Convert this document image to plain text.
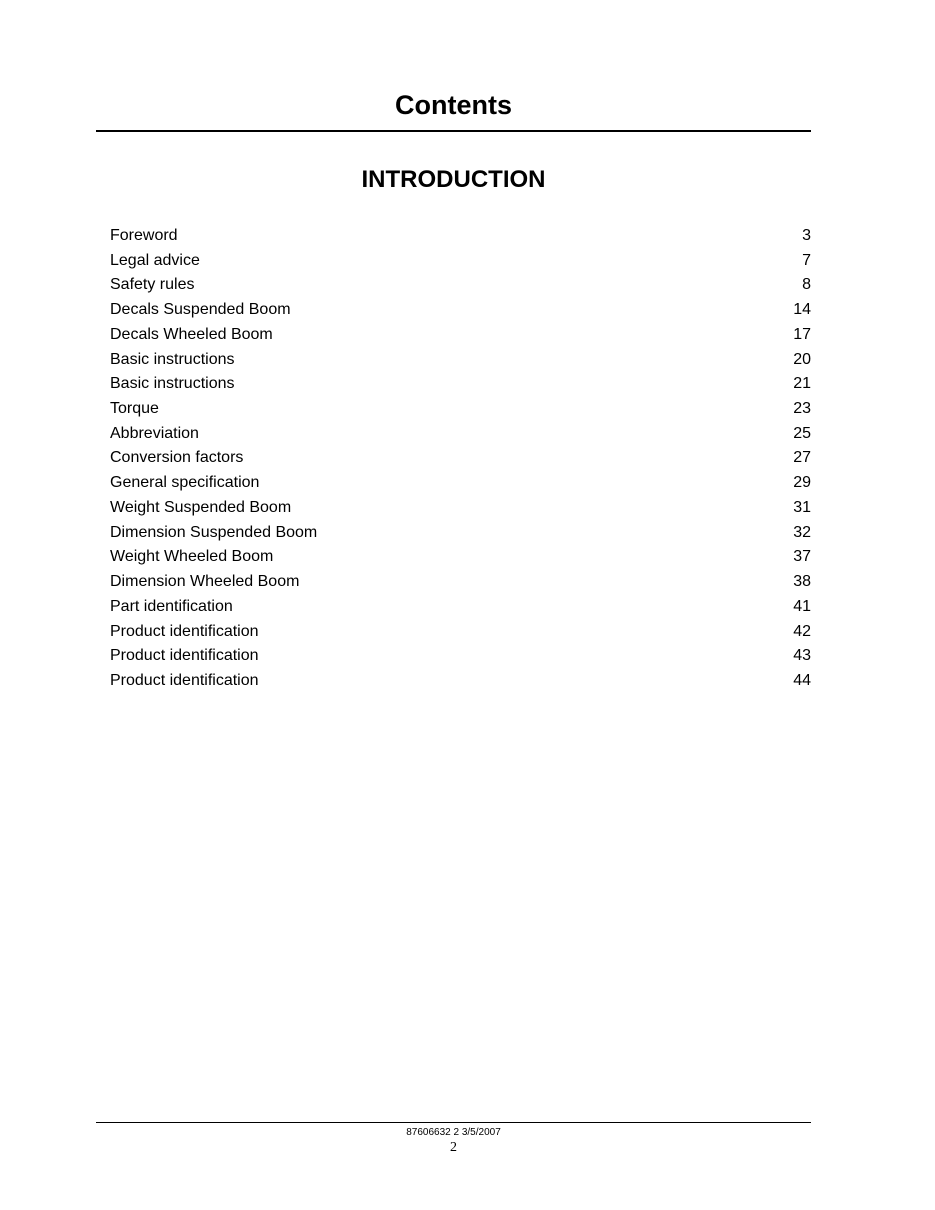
Contents
INTRODUCTION
Foreword	3
Legal advice	7
Safety rules	8
Decals Suspended Boom	14
Decals Wheeled Boom	17
Basic instructions	20
Basic instructions	21
Torque	23
Abbreviation	25
Conversion factors	27
General specification	29
Weight Suspended Boom	31
Dimension Suspended Boom	32
Weight Wheeled Boom	37
Dimension Wheeled Boom	38
Part identification	41
Product identification	42
Product identification	43
Product identification	44
87606632 2 3/5/2007
2
